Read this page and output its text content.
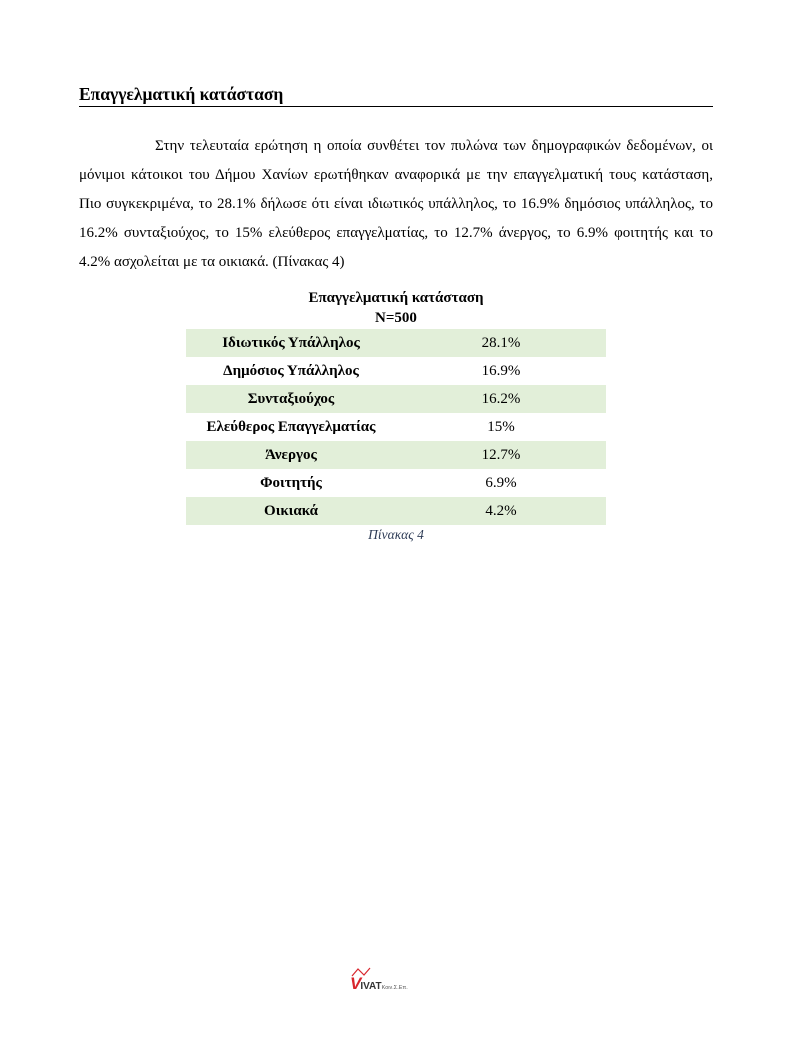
Επαγγελματική κατάσταση
Στην τελευταία ερώτηση η οποία συνθέτει τον πυλώνα των δημογραφικών δεδομένων, οι μόνιμοι κάτοικοι του Δήμου Χανίων ερωτήθηκαν αναφορικά με την επαγγελματική τους κατάσταση, Πιο συγκεκριμένα, το 28.1% δήλωσε ότι είναι ιδιωτικός υπάλληλος, το 16.9% δημόσιος υπάλληλος, το 16.2% συνταξιούχος, το 15% ελεύθερος επαγγελματίας, το 12.7% άνεργος, το 6.9% φοιτητής και το 4.2% ασχολείται με τα οικιακά. (Πίνακας 4)
Επαγγελματική κατάσταση
N=500
Ιδιωτικός Υπάλληλος	28.1%
Δημόσιος Υπάλληλος	16.9%
Συνταξιούχος	16.2%
Ελεύθερος Επαγγελματίας	15%
Άνεργος	12.7%
Φοιτητής	6.9%
Οικιακά	4.2%
Πίνακας 4
VIVATΚοιν.Σ.Επ.
